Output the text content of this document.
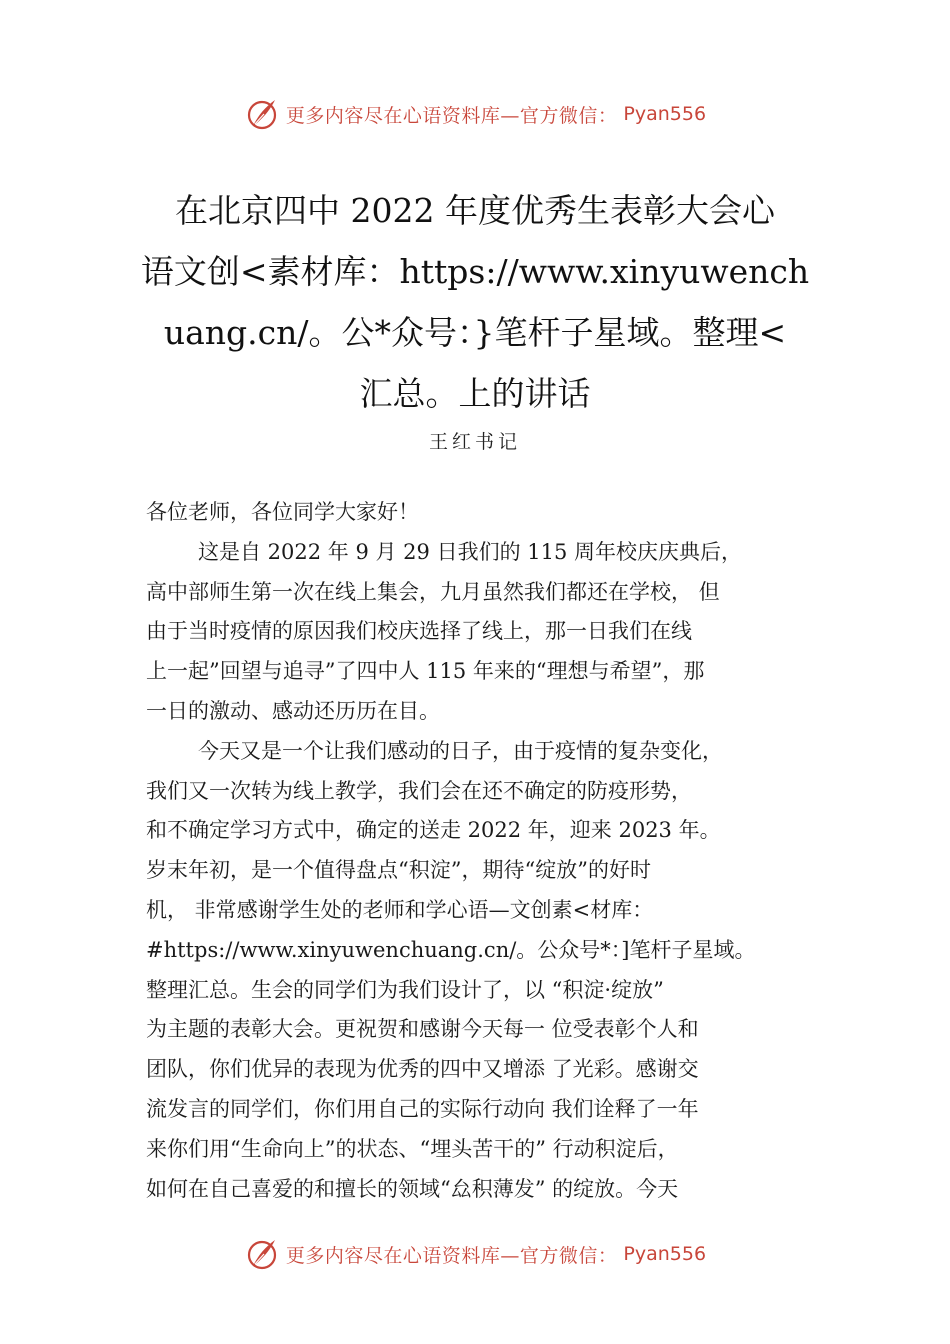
更多内容尽在心语资料库—官方微信： Pyan556
在北京四中 2022 年度优秀生表彰大会心
语文创<素材库：https://www.xinyuwench
uang.cn/。公*众号：}笔杆子星域。整理<
汇总。上的讲话
王红书记
各位老师，各位同学大家好！
这是自 2022 年 9 月 29 日我们的 115 周年校庆庆典后，
高中部师生第一次在线上集会，九月虽然我们都还在学校， 但
由于当时疫情的原因我们校庆选择了线上，那一日我们在线
上一起”回望与追寻”了四中人 115 年来的“理想与希望”，那
一日的激动、感动还历历在目。
今天又是一个让我们感动的日子，由于疫情的复杂变化，
我们又一次转为线上教学，我们会在还不确定的防疫形势，
和不确定学习方式中，确定的送走 2022 年，迎来 2023 年。
岁末年初，是一个值得盘点“积淀”，期待“绽放”的好时
机， 非常感谢学生处的老师和学心语—文创素<材库：
#https://www.xinyuwenchuang.cn/。公众号*：]笔杆子星域。
整理汇总。生会的同学们为我们设计了，以 “积淀·绽放”
为主题的表彰大会。更祝贺和感谢今天每一 位受表彰个人和
团队，你们优异的表现为优秀的四中又增添 了光彩。感谢交
流发言的同学们，你们用自己的实际行动向 我们诠释了一年
来你们用“生命向上”的状态、“埋头苦干的” 行动积淀后，
如何在自己喜爱的和擅长的领域“厽积薄发” 的绽放。今天
更多内容尽在心语资料库—官方微信： Pyan556
